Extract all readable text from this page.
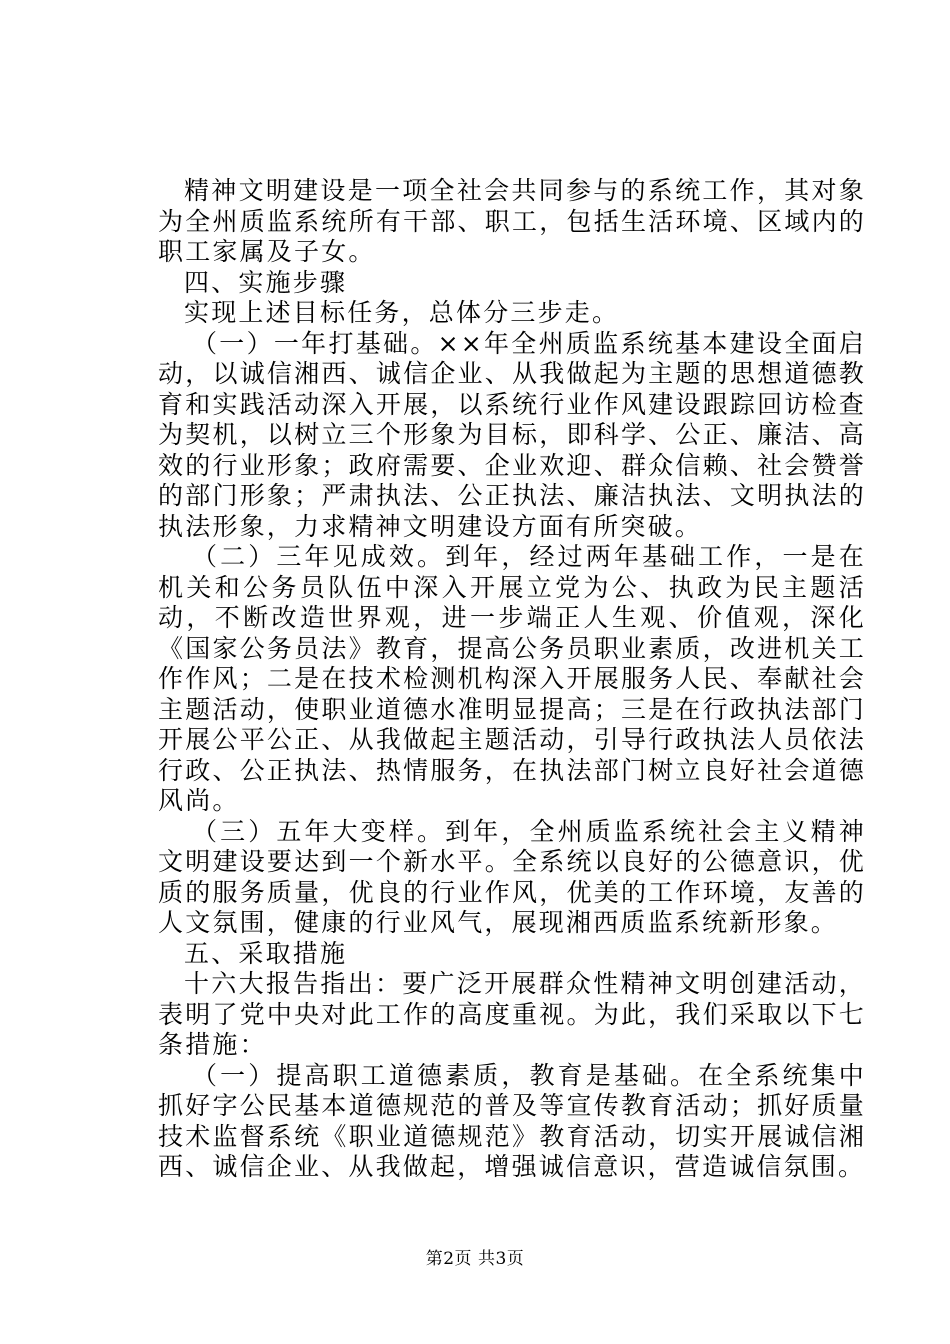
精神文明建设是一项全社会共同参与的系统工作，其对象为全州质监系统所有干部、职工，包括生活环境、区域内的职工家属及子女。

四、实施步骤

实现上述目标任务，总体分三步走。

（一）一年打基础。××年全州质监系统基本建设全面启动，以诚信湘西、诚信企业、从我做起为主题的思想道德教育和实践活动深入开展，以系统行业作风建设跟踪回访检查为契机，以树立三个形象为目标，即科学、公正、廉洁、高效的行业形象；政府需要、企业欢迎、群众信赖、社会赞誉的部门形象；严肃执法、公正执法、廉洁执法、文明执法的执法形象，力求精神文明建设方面有所突破。

（二）三年见成效。到年，经过两年基础工作，一是在机关和公务员队伍中深入开展立党为公、执政为民主题活动，不断改造世界观，进一步端正人生观、价值观，深化《国家公务员法》教育，提高公务员职业素质，改进机关工作作风；二是在技术检测机构深入开展服务人民、奉献社会主题活动，使职业道德水准明显提高；三是在行政执法部门开展公平公正、从我做起主题活动，引导行政执法人员依法行政、公正执法、热情服务，在执法部门树立良好社会道德风尚。

（三）五年大变样。到年，全州质监系统社会主义精神文明建设要达到一个新水平。全系统以良好的公德意识，优质的服务质量，优良的行业作风，优美的工作环境，友善的人文氛围，健康的行业风气，展现湘西质监系统新形象。

五、采取措施

十六大报告指出：要广泛开展群众性精神文明创建活动，表明了党中央对此工作的高度重视。为此，我们采取以下七条措施：

（一）提高职工道德素质，教育是基础。在全系统集中抓好字公民基本道德规范的普及等宣传教育活动；抓好质量技术监督系统《职业道德规范》教育活动，切实开展诚信湘西、诚信企业、从我做起，增强诚信意识，营造诚信氛围。

第2页 共3页
